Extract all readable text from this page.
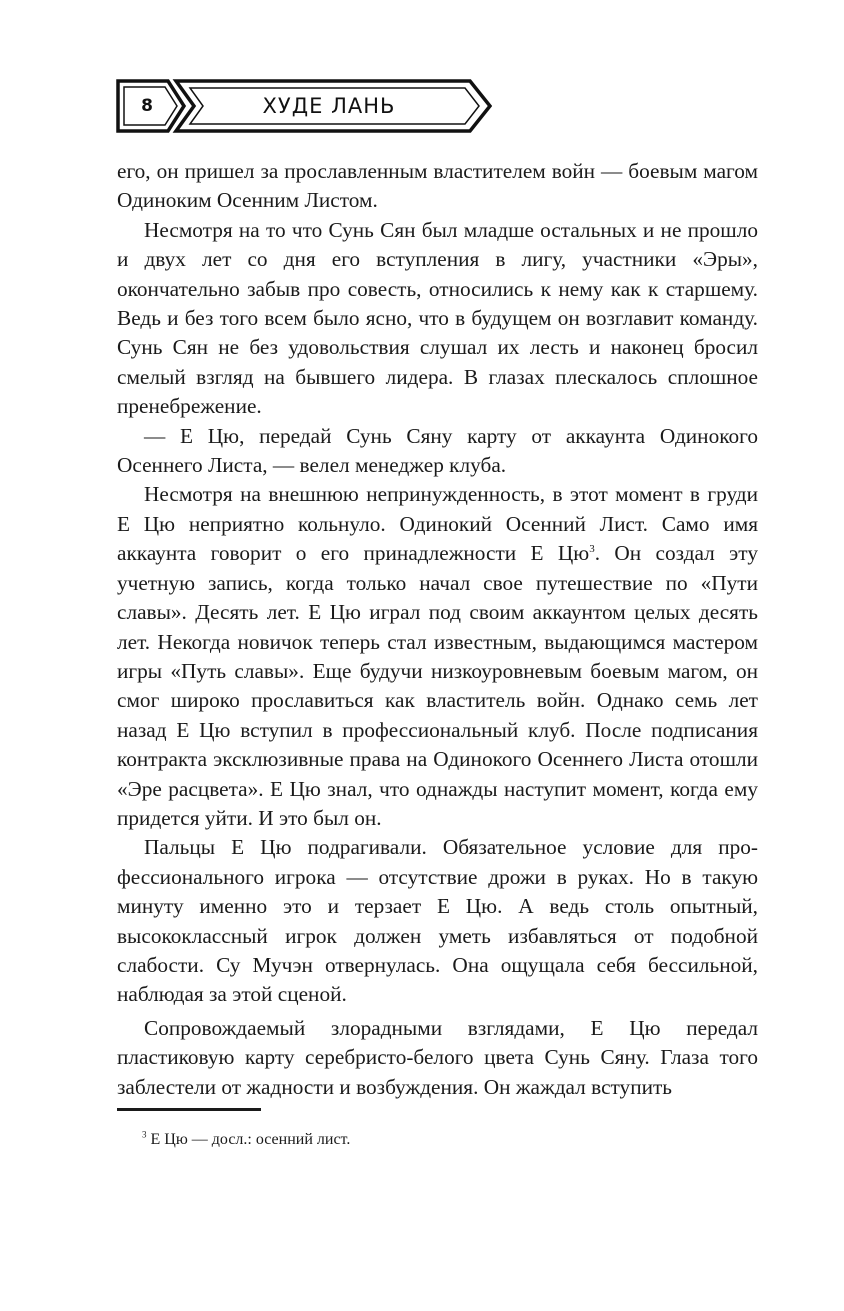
8	ХУДЕ ЛАНЬ

его, он пришел за прославленным властителем войн — боевым магом Одиноким Осенним Листом.

Несмотря на то что Сунь Сян был младше остальных и не прошло и двух лет со дня его вступления в лигу, участники «Эры», окончательно забыв про совесть, относились к нему как к старшему. Ведь и без того всем было ясно, что в будущем он возглавит команду. Сунь Сян не без удовольствия слушал их лесть и наконец бросил смелый взгляд на бывшего лидера. В глазах плескалось сплошное пренебрежение.

— Е Цю, передай Сунь Сяну карту от аккаунта Одинокого Осеннего Листа, — велел менеджер клуба.

Несмотря на внешнюю непринужденность, в этот момент в груди Е Цю неприятно кольнуло. Одинокий Осенний Лист. Само имя аккаунта говорит о его принадлежности Е $Цю^3$. Он создал эту учетную запись, когда только начал свое путешествие по «Пути славы». Десять лет. Е Цю играл под своим аккаунтом целых десять лет. Некогда новичок теперь стал известным, выдающимся мастером игры «Путь славы». Еще будучи низкоуровневым боевым магом, он смог широко прославиться как властитель войн. Однако семь лет назад Е Цю вступил в профессиональный клуб. После подписания контракта эксклюзивные права на Одинокого Осеннего Листа отошли «Эре расцвета». Е Цю знал, что однажды наступит момент, когда ему придется уйти. И это был он.

Пальцы Е Цю подрагивали. Обязательное условие для профессионального игрока — отсутствие дрожи в руках. Но в такую минуту именно это и терзает Е Цю. А ведь столь опытный, высококлассный игрок должен уметь избавляться от подобной слабости. Су Мучэн отвернулась. Она ощущала себя бессильной, наблюдая за этой сценой.

Сопровождаемый злорадными взглядами, Е Цю передал пластиковую карту серебристо-белого цвета Сунь Сяну. Глаза того заблестели от жадности и возбуждения. Он жаждал вступить

$^3$ Е Цю — досл.: осенний лист.
